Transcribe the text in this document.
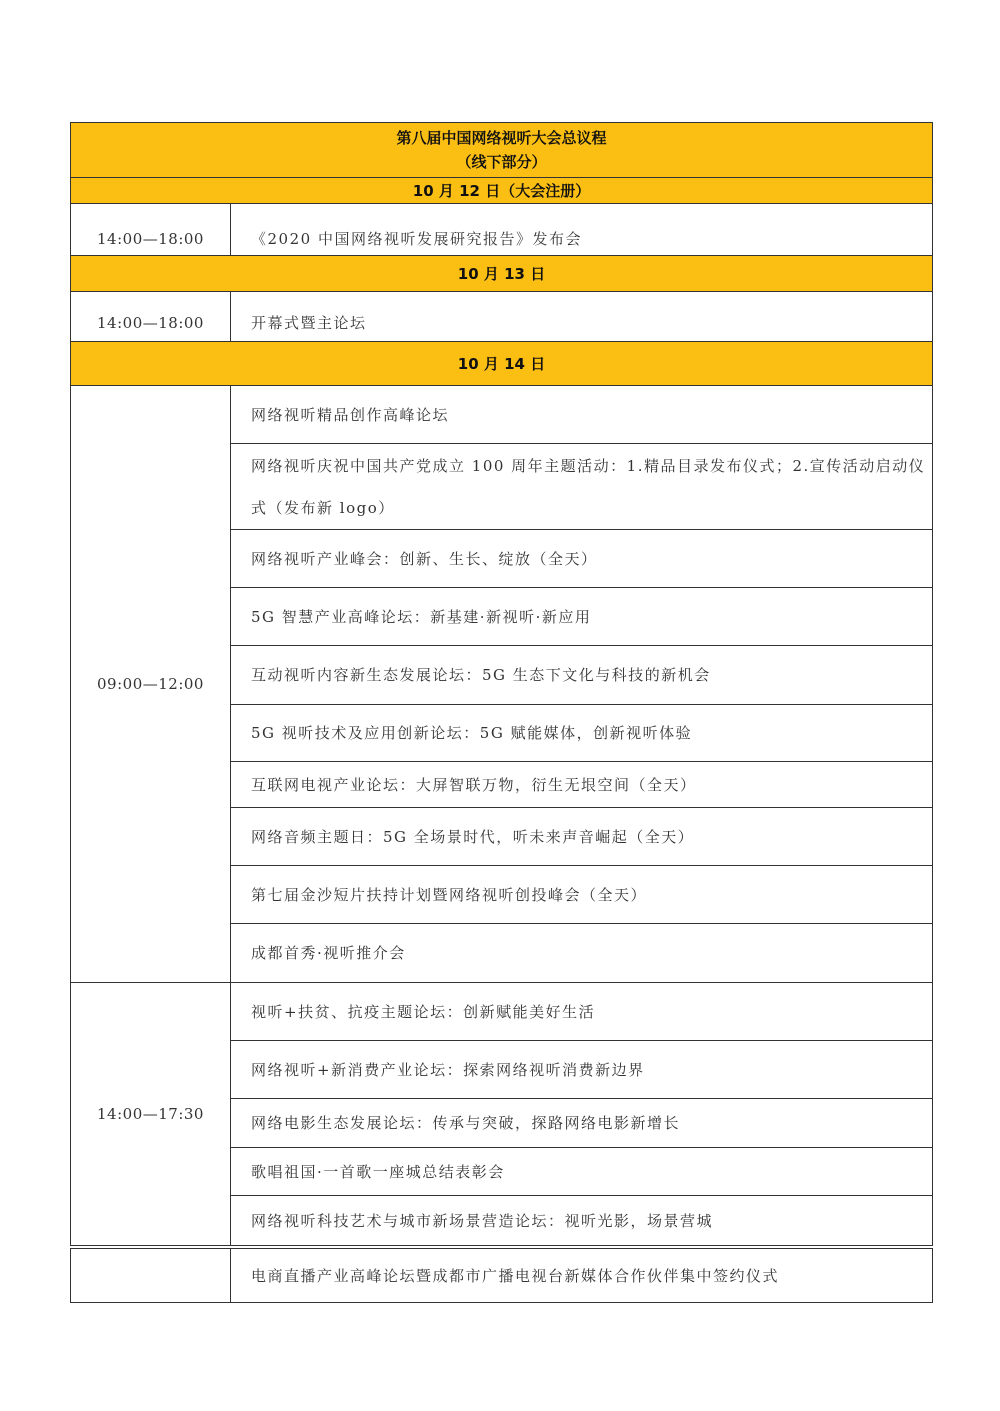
第八届中国网络视听大会总议程
（线下部分）	

10 月 12 日（大会注册）	
14:00—18:00	《2020 中国网络视听发展研究报告》发布会
10 月 13 日	
14:00—18:00	开幕式暨主论坛
10 月 14 日	
09:00—12:00	网络视听精品创作高峰论坛

	网络视听庆祝中国共产党成立 100 周年主题活动：1.精品目录发布仪式；2.宣传活动启动仪式（发布新 logo）

	网络视听产业峰会：创新、生长、绽放（全天）

	5G 智慧产业高峰论坛：新基建·新视听·新应用

	互动视听内容新生态发展论坛：5G 生态下文化与科技的新机会

	5G 视听技术及应用创新论坛：5G 赋能媒体，创新视听体验

	互联网电视产业论坛：大屏智联万物，衍生无垠空间（全天）

	网络音频主题日：5G 全场景时代，听未来声音崛起（全天）

	第七届金沙短片扶持计划暨网络视听创投峰会（全天）

	成都首秀·视听推介会

14:00—17:30	视听+扶贫、抗疫主题论坛：创新赋能美好生活

	网络视听+新消费产业论坛：探索网络视听消费新边界

	网络电影生态发展论坛：传承与突破，探路网络电影新增长

	歌唱祖国·一首歌一座城总结表彰会

	网络视听科技艺术与城市新场景营造论坛：视听光影，场景营城
	电商直播产业高峰论坛暨成都市广播电视台新媒体合作伙伴集中签约仪式
